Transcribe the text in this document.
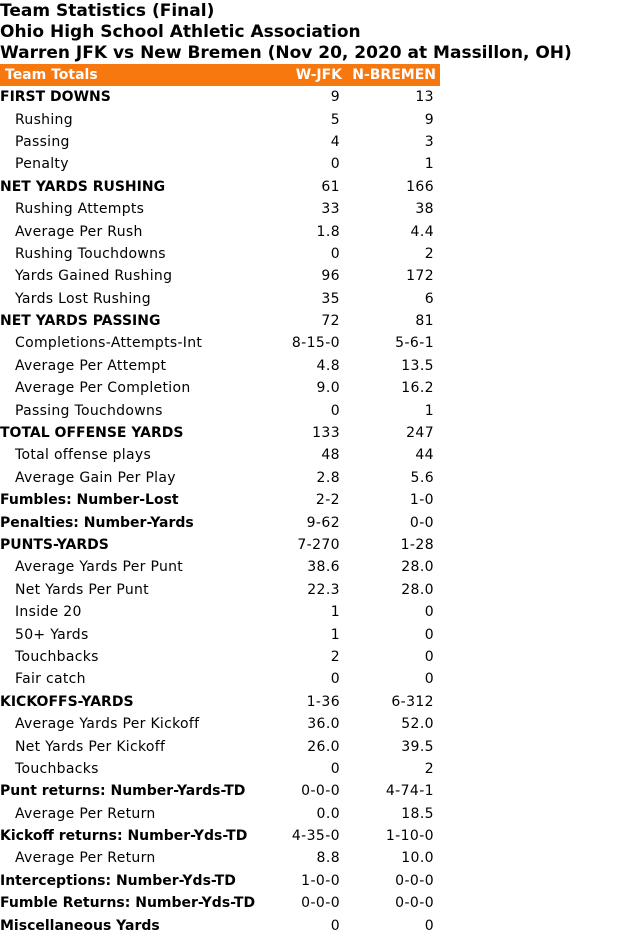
Team Statistics (Final)
Ohio High School Athletic Association
Warren JFK vs New Bremen (Nov 20, 2020 at Massillon, OH)
Team Totals	W-JFK	N-BREMEN
FIRST DOWNS	9	13
Rushing	5	9
Passing	4	3
Penalty	0	1
NET YARDS RUSHING	61	166
Rushing Attempts	33	38
Average Per Rush	1.8	4.4
Rushing Touchdowns	0	2
Yards Gained Rushing	96	172
Yards Lost Rushing	35	6
NET YARDS PASSING	72	81
Completions-Attempts-Int	8-15-0	5-6-1
Average Per Attempt	4.8	13.5
Average Per Completion	9.0	16.2
Passing Touchdowns	0	1
TOTAL OFFENSE YARDS	133	247
Total offense plays	48	44
Average Gain Per Play	2.8	5.6
Fumbles: Number-Lost	2-2	1-0
Penalties: Number-Yards	9-62	0-0
PUNTS-YARDS	7-270	1-28
Average Yards Per Punt	38.6	28.0
Net Yards Per Punt	22.3	28.0
Inside 20	1	0
50+ Yards	1	0
Touchbacks	2	0
Fair catch	0	0
KICKOFFS-YARDS	1-36	6-312
Average Yards Per Kickoff	36.0	52.0
Net Yards Per Kickoff	26.0	39.5
Touchbacks	0	2
Punt returns: Number-Yards-TD	0-0-0	4-74-1
Average Per Return	0.0	18.5
Kickoff returns: Number-Yds-TD	4-35-0	1-10-0
Average Per Return	8.8	10.0
Interceptions: Number-Yds-TD	1-0-0	0-0-0
Fumble Returns: Number-Yds-TD	0-0-0	0-0-0
Miscellaneous Yards	0	0
